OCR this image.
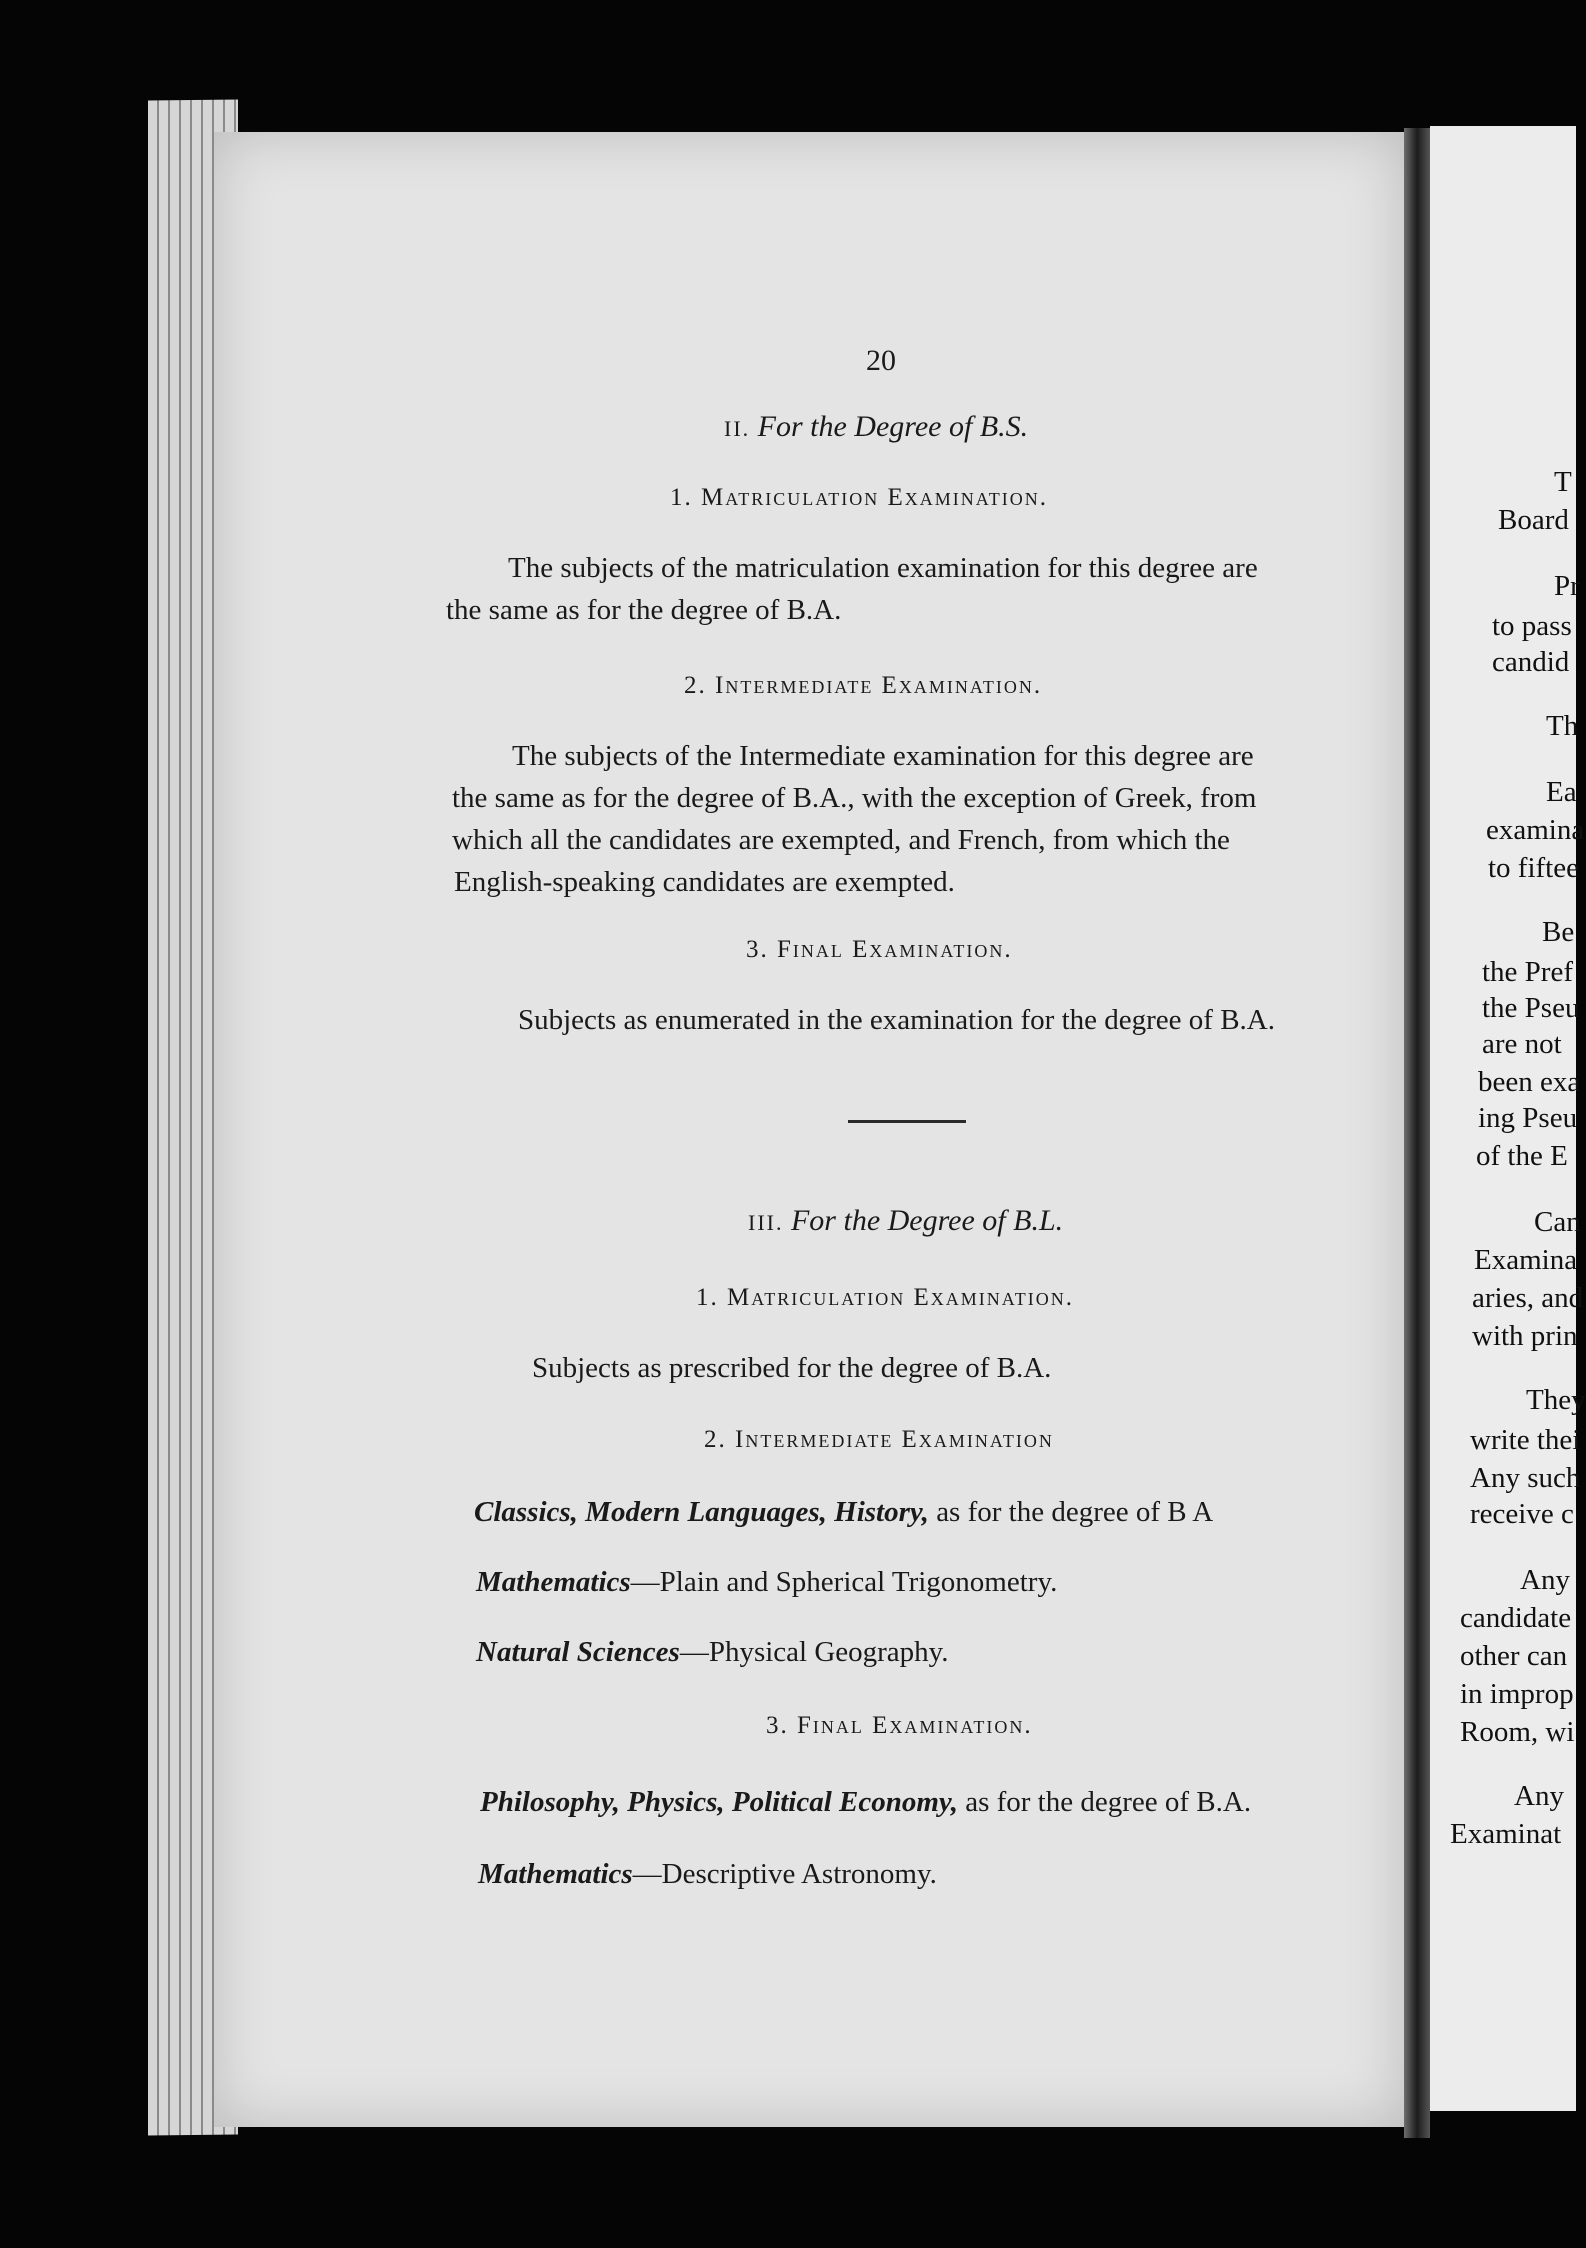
T
Board
Pr
to pass
candid
Th
Ea
examina
to fiftee
Be
the Pref
the Pseu
are not
been exa
ing Pseu
of the E
Can
Examina
aries, and
with prin
They
write thei
Any such
receive c
Any
candidate
other can
in improp
Room, wi
Any
Examinat
20
II. For the Degree of B.S.
1. Matriculation Examination.
The subjects of the matriculation examination for this degree are
the same as for the degree of B.A.
2. Intermediate Examination.
The subjects of the Intermediate examination for this degree are
the same as for the degree of B.A., with the exception of Greek, from
which all the candidates are exempted, and French, from which the
English-speaking candidates are exempted.
3. Final Examination.
Subjects as enumerated in the examination for the degree of B.A.
III. For the Degree of B.L.
1. Matriculation Examination.
Subjects as prescribed for the degree of B.A.
2. Intermediate Examination
Classics, Modern Languages, History, as for the degree of B A
Mathematics—Plain and Spherical Trigonometry.
Natural Sciences—Physical Geography.
3. Final Examination.
Philosophy, Physics, Political Economy, as for the degree of B.A.
Mathematics—Descriptive Astronomy.
